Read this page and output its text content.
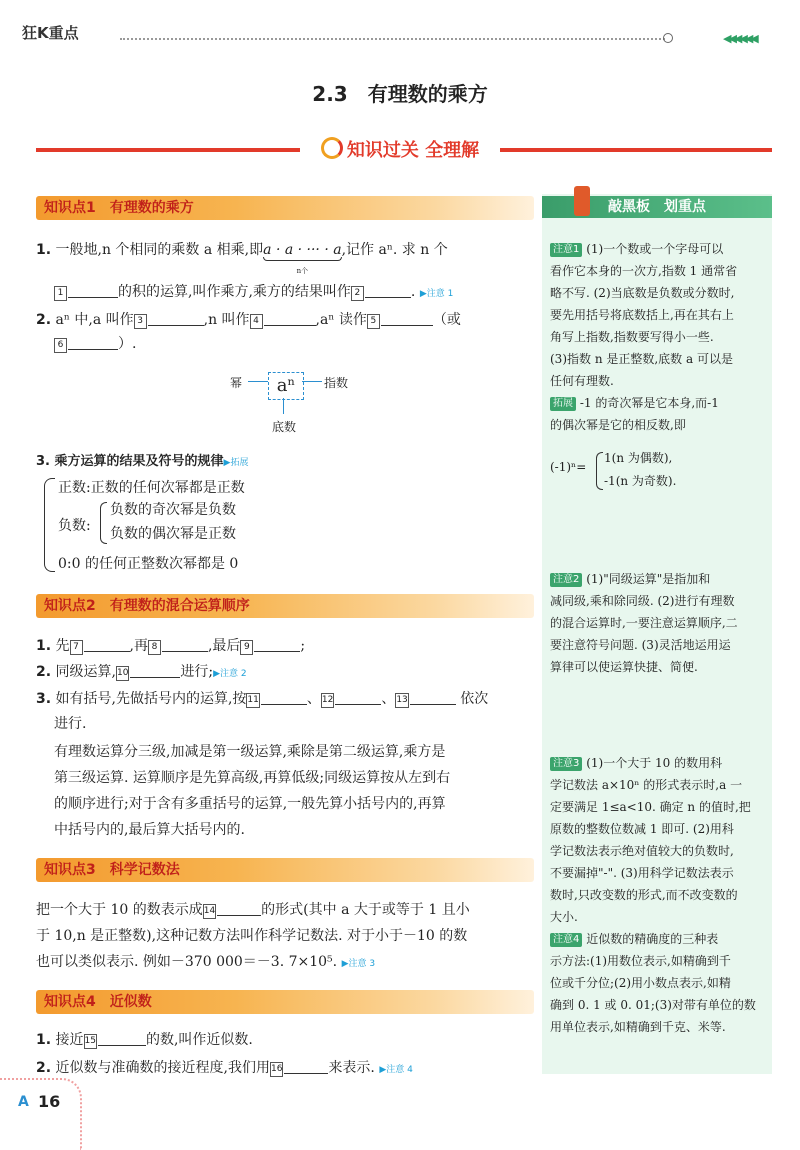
狂K重点	◀◀◀◀◀◀
2.3　有理数的乘方
知识过关 全理解
知识点1　有理数的乘方
1. 一般地,n 个相同的乘数 a 相乘,即a · a · ··· · a
n个
,记作 aⁿ. 求 n 个
1	的积的运算,叫作乘方,乘方的结果叫作 2	. ▶注意 1
2. aⁿ 中,a 叫作 3	,n 叫作 4	,aⁿ 读作 5	（或
6	）.
幂	aⁿ	指数
底数
3. 乘方运算的结果及符号的规律▶拓展
正数:正数的任何次幂都是正数
负数:
负数的奇次幂是负数
负数的偶次幂是正数
0:0 的任何正整数次幂都是 0
知识点2　有理数的混合运算顺序
1. 先 7	,再 8	,最后 9	;
2. 同级运算,10	进行;▶注意 2
3. 如有括号,先做括号内的运算,按11	、12	、13	依次
进行.
有理数运算分三级,加减是第一级运算,乘除是第二级运算,乘方是
第三级运算. 运算顺序是先算高级,再算低级;同级运算按从左到右
的顺序进行;对于含有多重括号的运算,一般先算小括号内的,再算
中括号内的,最后算大括号内的.
知识点3　科学记数法
把一个大于 10 的数表示成14	的形式(其中 a 大于或等于 1 且小
于 10,n 是正整数),这种记数方法叫作科学记数法. 对于小于－10 的数
也可以类似表示. 例如－370 000＝－3. 7×10⁵. ▶注意 3
知识点4　近似数
1. 接近15	的数,叫作近似数.
2. 近似数与准确数的接近程度,我们用16	来表示. ▶注意 4
敲黑板　划重点
注意1 (1)一个数或一个字母可以
看作它本身的一次方,指数 1 通常省
略不写. (2)当底数是负数或分数时,
要先用括号将底数括上,再在其右上
角写上指数,指数要写得小一些.
(3)指数 n 是正整数,底数 a 可以是
任何有理数.
拓展 -1 的奇次幂是它本身,而-1
的偶次幂是它的相反数,即
(-1)ⁿ=
1(n 为偶数),
-1(n 为奇数).
注意2 (1)"同级运算"是指加和
减同级,乘和除同级. (2)进行有理数
的混合运算时,一要注意运算顺序,二
要注意符号问题. (3)灵活地运用运
算律可以使运算快捷、简便.
注意3 (1)一个大于 10 的数用科
学记数法 a×10ⁿ 的形式表示时,a 一
定要满足 1≤a<10. 确定 n 的值时,把
原数的整数位数减 1 即可. (2)用科
学记数法表示绝对值较大的负数时,
不要漏掉"-". (3)用科学记数法表示
数时,只改变数的形式,而不改变数的
大小.
注意4 近似数的精确度的三种表
示方法:(1)用数位表示,如精确到千
位或千分位;(2)用小数点表示,如精
确到 0. 1 或 0. 01;(3)对带有单位的数
用单位表示,如精确到千克、米等.
A 16
